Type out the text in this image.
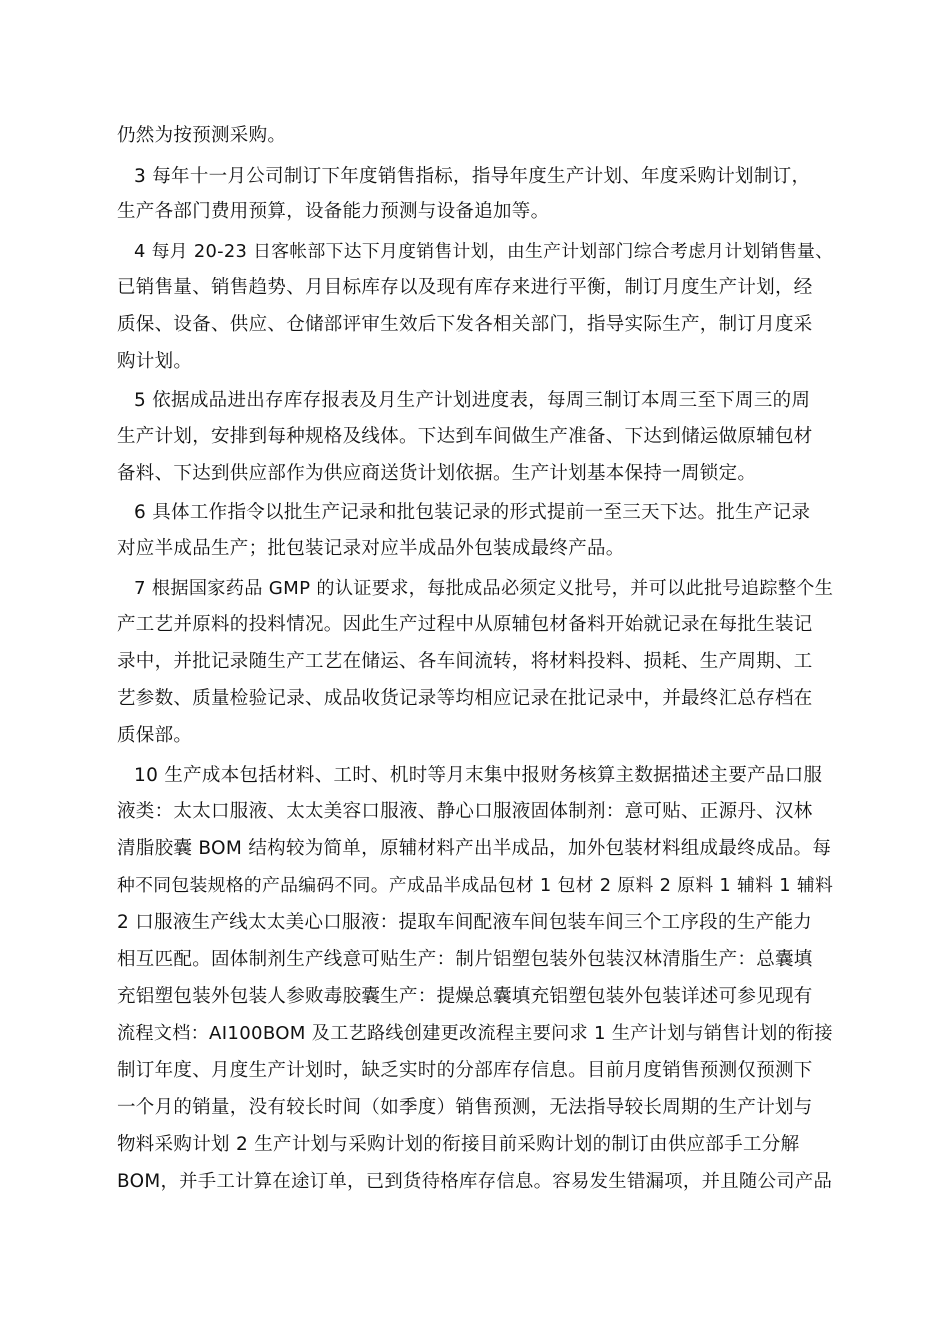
仍然为按预测采购。
3 每年十一月公司制订下年度销售指标，指导年度生产计划、年度采购计划制订，
生产各部门费用预算，设备能力预测与设备追加等。
4 每月 20-23 日客帐部下达下月度销售计划，由生产计划部门综合考虑月计划销售量、
已销售量、销售趋势、月目标库存以及现有库存来进行平衡，制订月度生产计划，经
质保、设备、供应、仓储部评审生效后下发各相关部门，指导实际生产，制订月度采
购计划。
5 依据成品进出存库存报表及月生产计划进度表，每周三制订本周三至下周三的周
生产计划，安排到每种规格及线体。下达到车间做生产准备、下达到储运做原辅包材
备料、下达到供应部作为供应商送货计划依据。生产计划基本保持一周锁定。
6 具体工作指令以批生产记录和批包装记录的形式提前一至三天下达。批生产记录
对应半成品生产；批包装记录对应半成品外包装成最终产品。
7 根据国家药品 GMP 的认证要求，每批成品必须定义批号，并可以此批号追踪整个生
产工艺并原料的投料情况。因此生产过程中从原辅包材备料开始就记录在每批生装记
录中，并批记录随生产工艺在储运、各车间流转，将材料投料、损耗、生产周期、工
艺参数、质量检验记录、成品收货记录等均相应记录在批记录中，并最终汇总存档在
质保部。
10 生产成本包括材料、工时、机时等月末集中报财务核算主数据描述主要产品口服
液类：太太口服液、太太美容口服液、静心口服液固体制剂：意可贴、正源丹、汉林
清脂胶囊 BOM 结构较为简单，原辅材料产出半成品，加外包装材料组成最终成品。每
种不同包装规格的产品编码不同。产成品半成品包材 1 包材 2 原料 2 原料 1 辅料 1 辅料
2 口服液生产线太太美心口服液：提取车间配液车间包装车间三个工序段的生产能力
相互匹配。固体制剂生产线意可贴生产：制片铝塑包装外包装汉林清脂生产：总囊填
充铝塑包装外包装人参败毒胶囊生产：提燥总囊填充铝塑包装外包装详述可参见现有
流程文档：AI100BOM 及工艺路线创建更改流程主要问求 1 生产计划与销售计划的衔接
制订年度、月度生产计划时，缺乏实时的分部库存信息。目前月度销售预测仅预测下
一个月的销量，没有较长时间（如季度）销售预测，无法指导较长周期的生产计划与
物料采购计划 2 生产计划与采购计划的衔接目前采购计划的制订由供应部手工分解
BOM，并手工计算在途订单，已到货待格库存信息。容易发生错漏项，并且随公司产品
